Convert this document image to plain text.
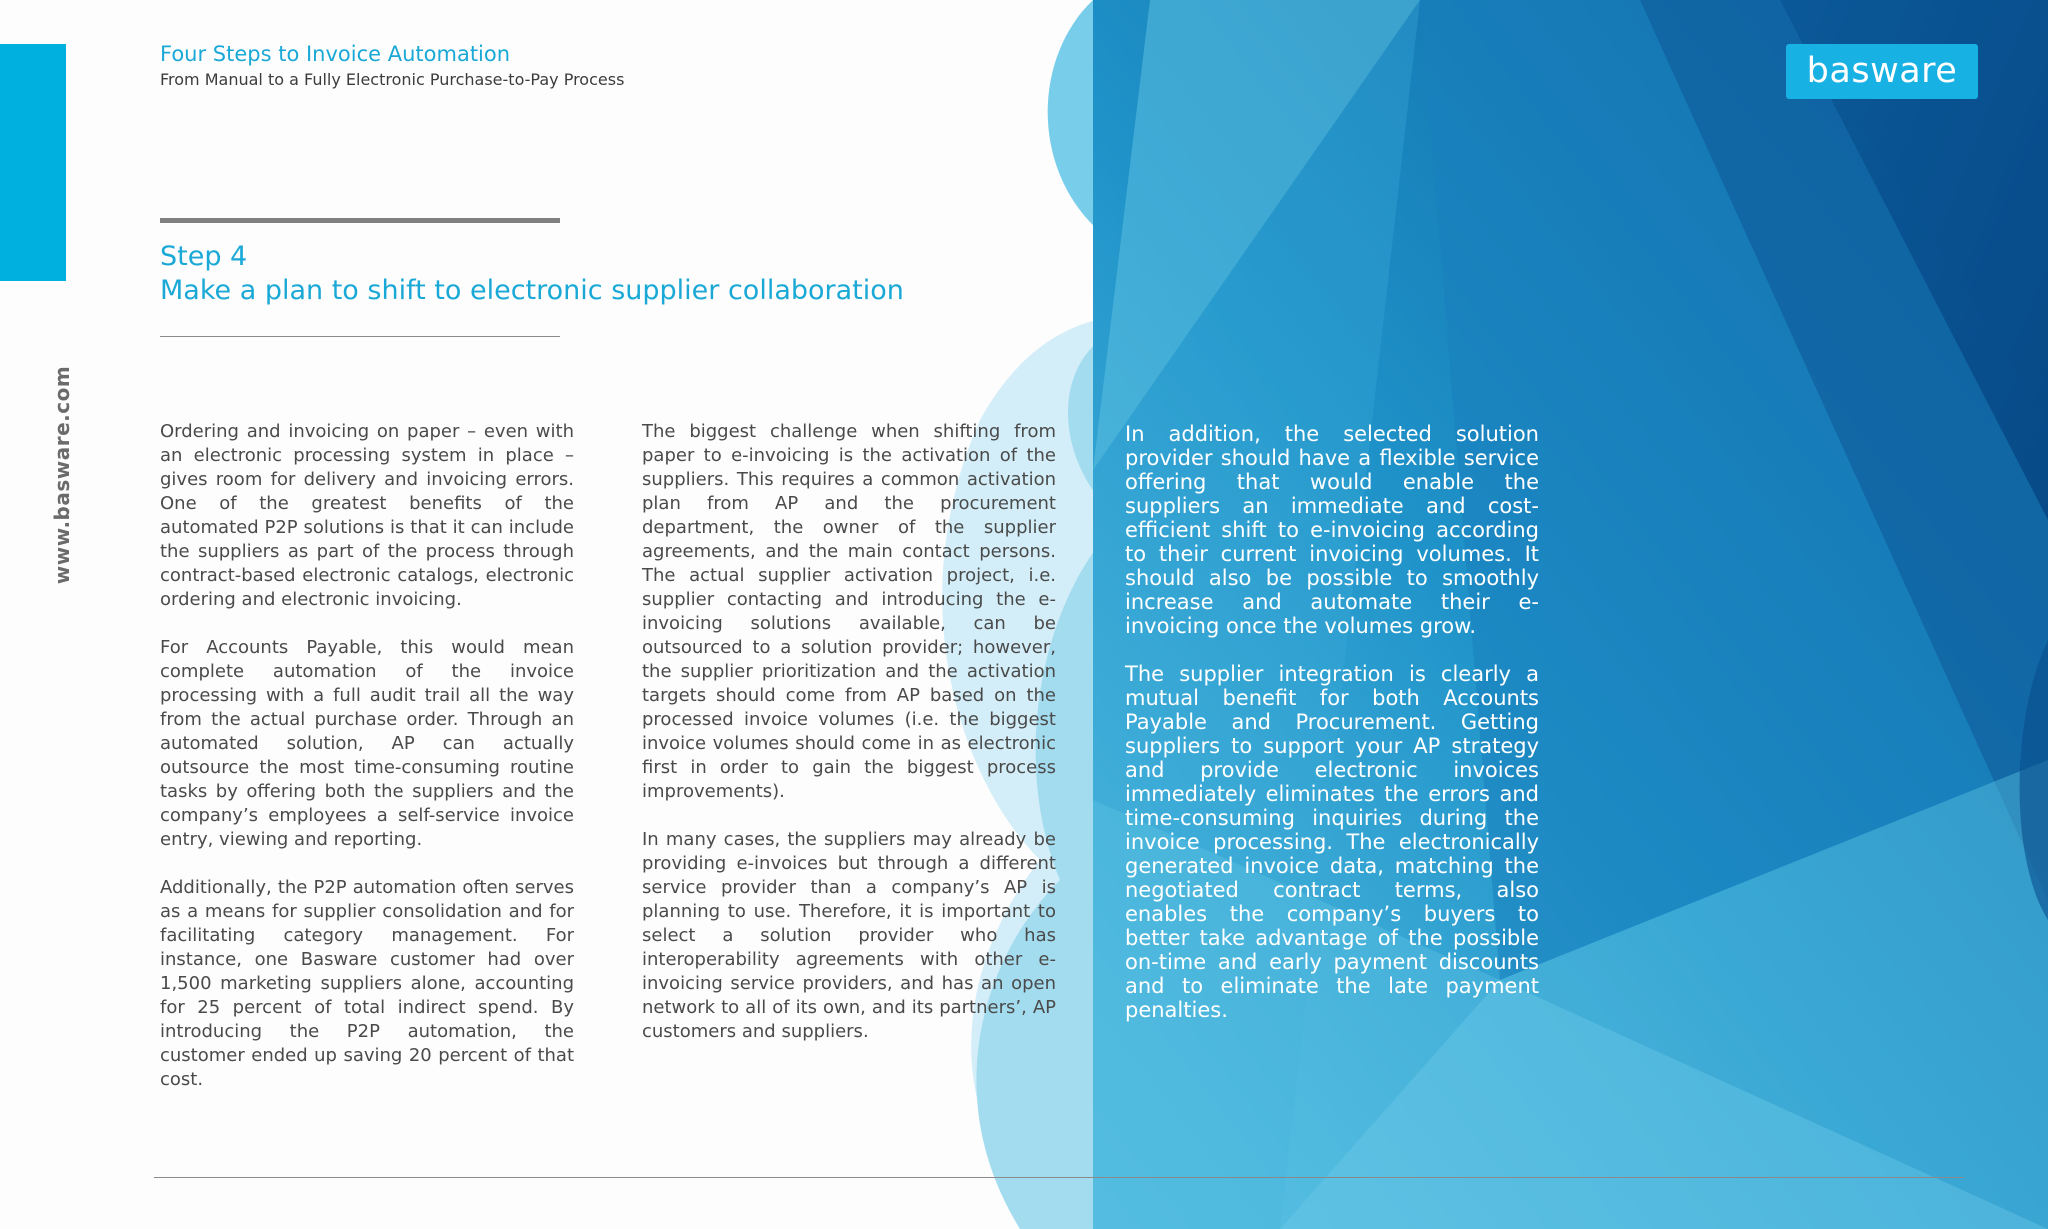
www.basware.com
Four Steps to Invoice Automation
From Manual to a Fully Electronic Purchase-to-Pay Process	basware
Step 4
Make a plan to shift to electronic supplier collaboration

Ordering and invoicing on paper – even with an electronic processing system in place – gives room for delivery and invoicing errors. One of the greatest benefits of the automated P2P solutions is that it can include the suppliers as part of the process through contract-based electronic catalogs, electronic ordering and electronic invoicing.

For Accounts Payable, this would mean complete automation of the invoice processing with a full audit trail all the way from the actual purchase order. Through an automated solution, AP can actually outsource the most time-consuming routine tasks by offering both the suppliers and the company’s employees a self-service invoice entry, viewing and reporting.

Additionally, the P2P automation often serves as a means for supplier consolidation and for facilitating category management. For instance, one Basware customer had over 1,500 marketing suppliers alone, accounting for 25 percent of total indirect spend. By introducing the P2P automation, the customer ended up saving 20 percent of that cost.

The biggest challenge when shifting from paper to e-invoicing is the activation of the suppliers. This requires a common activation plan from AP and the procurement department, the owner of the supplier agreements, and the main contact persons. The actual supplier activation project, i.e. supplier contacting and introducing the e-invoicing solutions available, can be outsourced to a solution provider; however, the supplier prioritization and the activation targets should come from AP based on the processed invoice volumes (i.e. the biggest invoice volumes should come in as electronic first in order to gain the biggest process improvements).

In many cases, the suppliers may already be providing e-invoices but through a different service provider than a company’s AP is planning to use. Therefore, it is important to select a solution provider who has interoperability agreements with other e-invoicing service providers, and has an open network to all of its own, and its partners’, AP customers and suppliers.

In addition, the selected solution provider should have a flexible service offering that would enable the suppliers an immediate and cost-efficient shift to e-invoicing according to their current invoicing volumes. It should also be possible to smoothly increase and automate their e-invoicing once the volumes grow.

The supplier integration is clearly a mutual benefit for both Accounts Payable and Procurement. Getting suppliers to support your AP strategy and provide electronic invoices immediately eliminates the errors and time-consuming inquiries during the invoice processing. The electronically generated invoice data, matching the negotiated contract terms, also enables the company’s buyers to better take advantage of the possible on-time and early payment discounts and to eliminate the late payment penalties.
